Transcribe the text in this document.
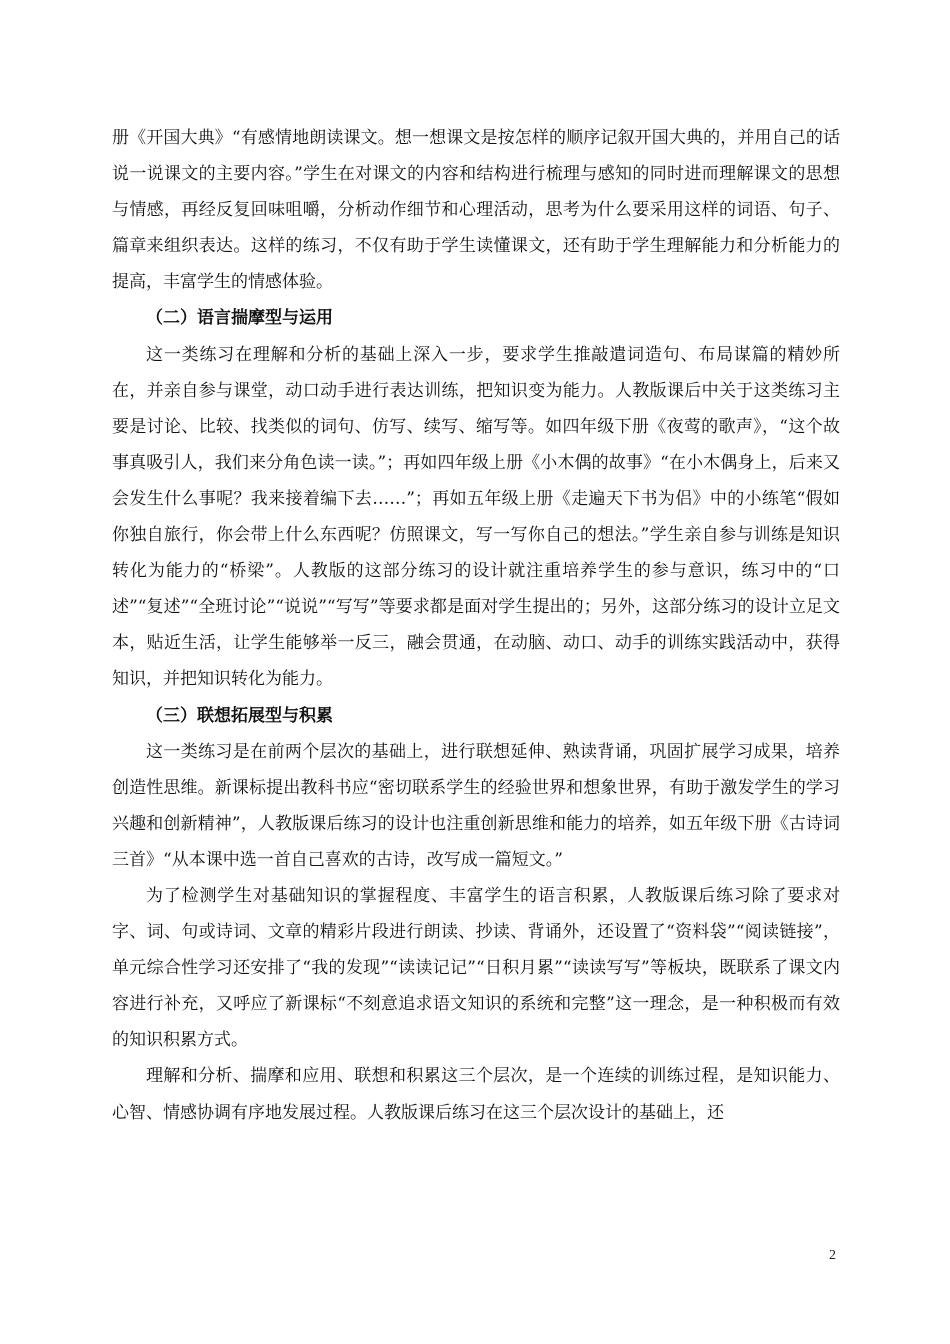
册《开国大典》“有感情地朗读课文。想一想课文是按怎样的顺序记叙开国大典的，并用自己的话说一说课文的主要内容。”学生在对课文的内容和结构进行梳理与感知的同时进而理解课文的思想与情感，再经反复回味咀嚼，分析动作细节和心理活动，思考为什么要采用这样的词语、句子、篇章来组织表达。这样的练习，不仅有助于学生读懂课文，还有助于学生理解能力和分析能力的提高，丰富学生的情感体验。

（二）语言揣摩型与运用

这一类练习在理解和分析的基础上深入一步，要求学生推敲遣词造句、布局谋篇的精妙所在，并亲自参与课堂，动口动手进行表达训练，把知识变为能力。人教版课后中关于这类练习主要是讨论、比较、找类似的词句、仿写、续写、缩写等。如四年级下册《夜莺的歌声》，“这个故事真吸引人，我们来分角色读一读。”；再如四年级上册《小木偶的故事》“在小木偶身上，后来又会发生什么事呢？我来接着编下去……”；再如五年级上册《走遍天下书为侣》中的小练笔“假如你独自旅行，你会带上什么东西呢？仿照课文，写一写你自己的想法。”学生亲自参与训练是知识转化为能力的“桥梁”。人教版的这部分练习的设计就注重培养学生的参与意识，练习中的“口述”“复述”“全班讨论”“说说”“写写”等要求都是面对学生提出的；另外，这部分练习的设计立足文本，贴近生活，让学生能够举一反三，融会贯通，在动脑、动口、动手的训练实践活动中，获得知识，并把知识转化为能力。

（三）联想拓展型与积累

这一类练习是在前两个层次的基础上，进行联想延伸、熟读背诵，巩固扩展学习成果，培养创造性思维。新课标提出教科书应“密切联系学生的经验世界和想象世界，有助于激发学生的学习兴趣和创新精神”，人教版课后练习的设计也注重创新思维和能力的培养，如五年级下册《古诗词三首》“从本课中选一首自己喜欢的古诗，改写成一篇短文。”

为了检测学生对基础知识的掌握程度、丰富学生的语言积累，人教版课后练习除了要求对字、词、句或诗词、文章的精彩片段进行朗读、抄读、背诵外，还设置了“资料袋”“阅读链接”，单元综合性学习还安排了“我的发现”“读读记记”“日积月累”“读读写写”等板块，既联系了课文内容进行补充，又呼应了新课标“不刻意追求语文知识的系统和完整”这一理念，是一种积极而有效的知识积累方式。

理解和分析、揣摩和应用、联想和积累这三个层次，是一个连续的训练过程，是知识能力、心智、情感协调有序地发展过程。人教版课后练习在这三个层次设计的基础上，还

2
